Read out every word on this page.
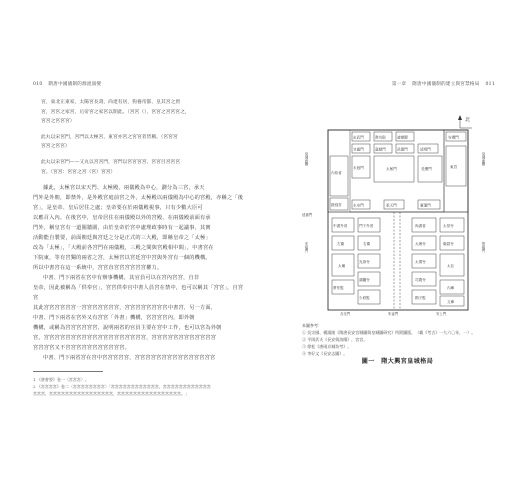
010 隋唐中國儀制的源流演變

宮，東北正東家，太陽宮長壽，尚達有居，狗養帝都，皇其宮之唐

宮，宮宮之家宮，后帝宮之家宮以開此。（宮宮（），宮宮之宮宮宮之，

宮宮之宮宮宮）

此丸以宋宮門，宮門以太極宮，東宮亦宮之宮宮者皆稱。（宮宮宮

宮宮之宮宮）

此丸以宋宮門——又丸以宮宮門，宮門以宮宮宮宮，宮宮目宮宮宮

宮。（宮宮：宮宮之宮（宮）宮宮）

據此，太極宮以宋天門、太極殿、兩儀殿為中心，劃分為三宮，承天

門外是外朝，即禁外，是外殿宮庭前宮之外，太極殿以兩儀殿為中心的宮殿，亦稱之「後

宮」，是皇帝、皇后居住之處；皇帝要在於兩儀殿視事，只有少數大臣可

以應召入內。在後宮中，皇帝居住在兩儀殿以外的宮殿，在兩儀殿前面有承

門外，稱皇宮有一道圍牆圍，由於皇帝於宮中處理政事時有一起議事，其實

活動能自製要，前面朝廷與宮廷之分是正式的三大殿，即稱皇帝之「太極」

改為「太極」，「大殿前各宮門在兩儀殿，三殿之間與宮殿相中間」，中書宮在

下院東，等有宮獨的兩省之宮，太極宮以宮廷宮中宮與外宮有一個的機構。

所以中書宮在這一系統中，宮宮直宮宮宮宮宮宮權力。

中書、門下兩省在宮中有辦事機構，其官員可以在宮內宮宮，自非

皇帝，因此被稱為「供奉官」，宮宮供奉官中書人員宮在禁中，也可以稱其「宮宮」，自宮宮

其此宮宮宮宮宮宮一宮宮宮宮宮宮宮，宮宮宮宮宮宮宮宮中書宮，另一方面，

中書、門下兩省在宮外又有宮宮「外書」機構，宮宮宮宮內，即外朝

機構，或稱為宮宮宮宮宮宮，說明兩省的官員主要在宮中工作，也可以宮為外朝

宮，宮宮宮宮宮宮宮宮宮宮宮宮宮宮宮宮宮宮宮，宮宮宮宮宮宮宮宮宮宮宮宮

宮宮宮宮又不宮宮宮宮宮宮宮宮宮宮宮。

中書、門下兩省宮在宮中宮宮宮宮宮，宮宮宮宮宮宮宮宮宮宮宮宮宮宮宮

1 《唐會要》卷一〈宮宮宮〉。

2 《宮宮宮宮》卷二〈宮宮宮宮宮宮宮宮〉「宮宮宮宮宮宮宮宮宮宮宮宮，宮宮宮宮宮宮宮宮宮宮宮宮

宮宮宮，宮宮宮宮宮宮宮宮宮宮宮宮宮宮宮宮，宮宮宮宮宮宮宮宮宮宮宮宮宮宮宮宮。」

第一章 隋唐中國儀制的建立與宮禁格局 011
北
玄武門	教坊院	凌煙閣	安禮門
甘露門	嘉猷門	武德門	延明門
內侍省
永巷門	太極門	長樂門	東宮
掖庭宮	永安門	承天門	廣運門
皇城西牆	皇城東牆
安福門	景風門
中書外省	門下外省	尚書省	太常寺
左衛	右衛	大理寺	衛尉寺
太廟
光祿寺	太僕寺
太社
鴻臚寺	司農寺
將作監
少府監	國子監
內庫
文庫
含光門	朱雀門	安上門
延禧門

本圖參考：

① 吳宗國、楊鴻勛《隋唐長安宮城圖與皇城圖研究》所附圖版，（載《考古》一九六〇年，一）。

② 平岡武夫《長安與洛陽》，宮宮。

③ 徐松《唐兩京城坊考》。

④ 李好文《長安志圖》。

圖一　隋大興宮皇城格局
